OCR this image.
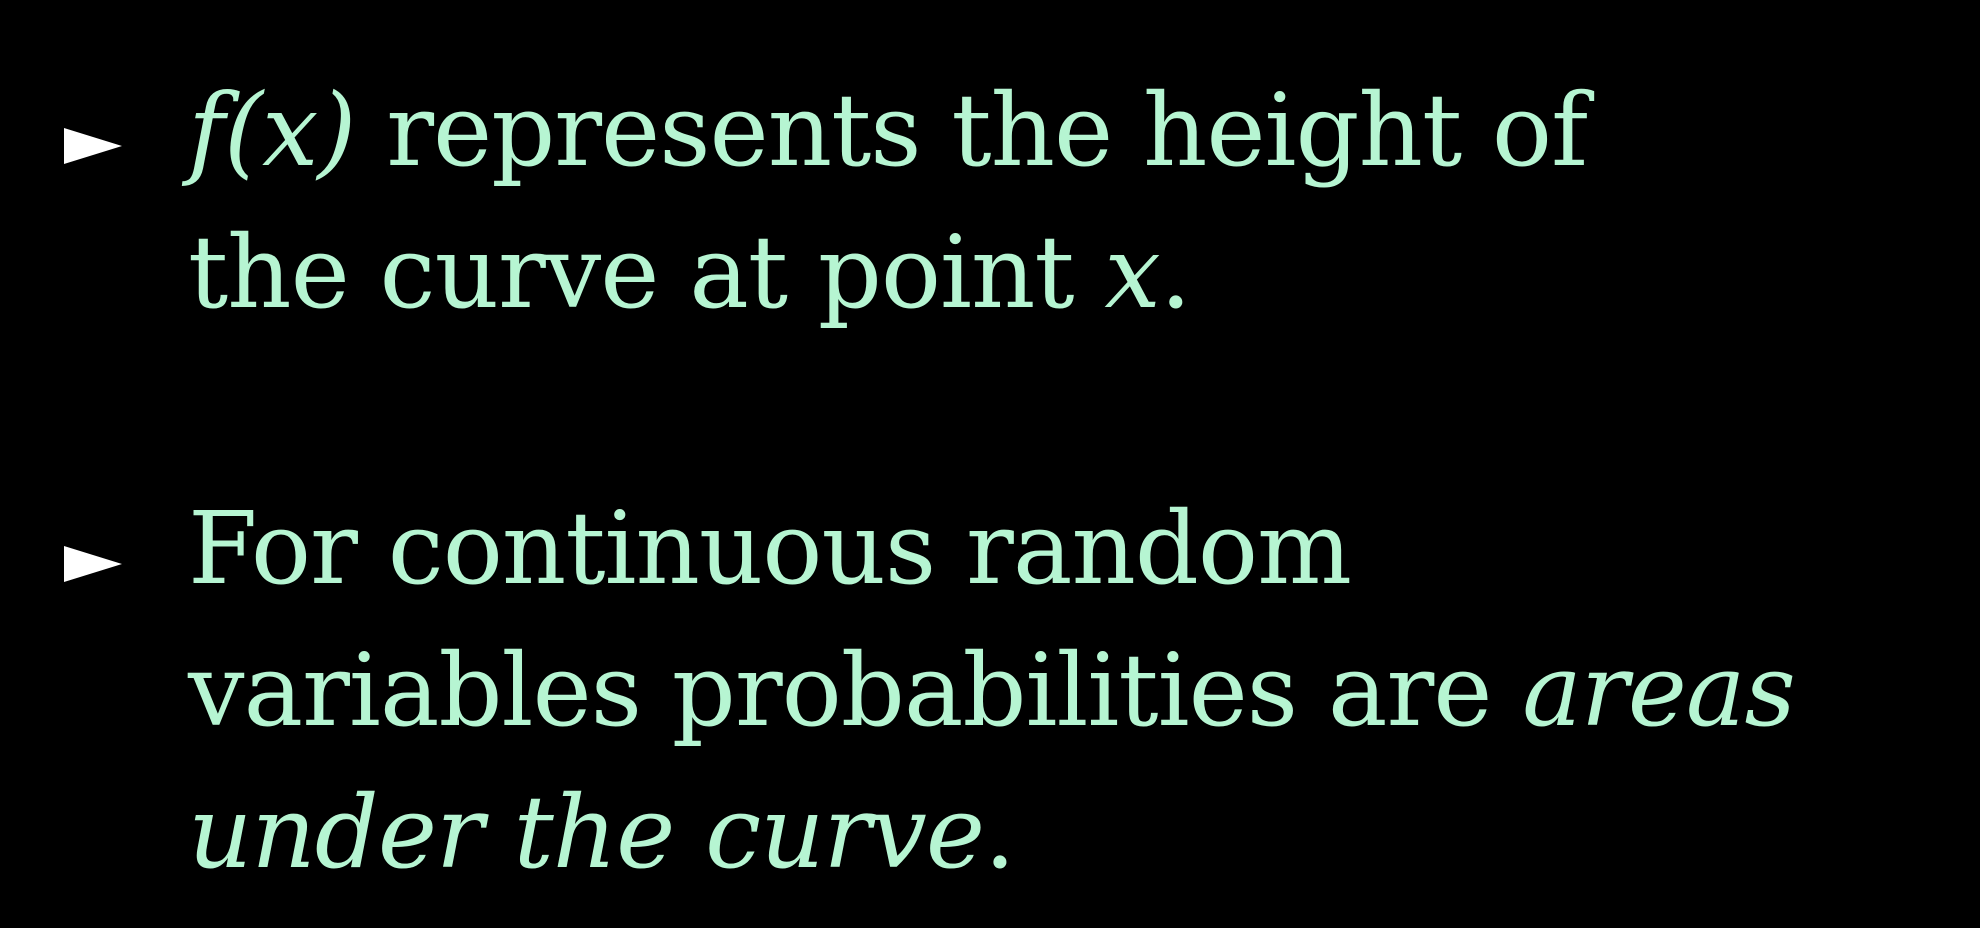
f(x) represents the height of
the curve at point x.
For continuous random
variables probabilities are areas
under the curve.
